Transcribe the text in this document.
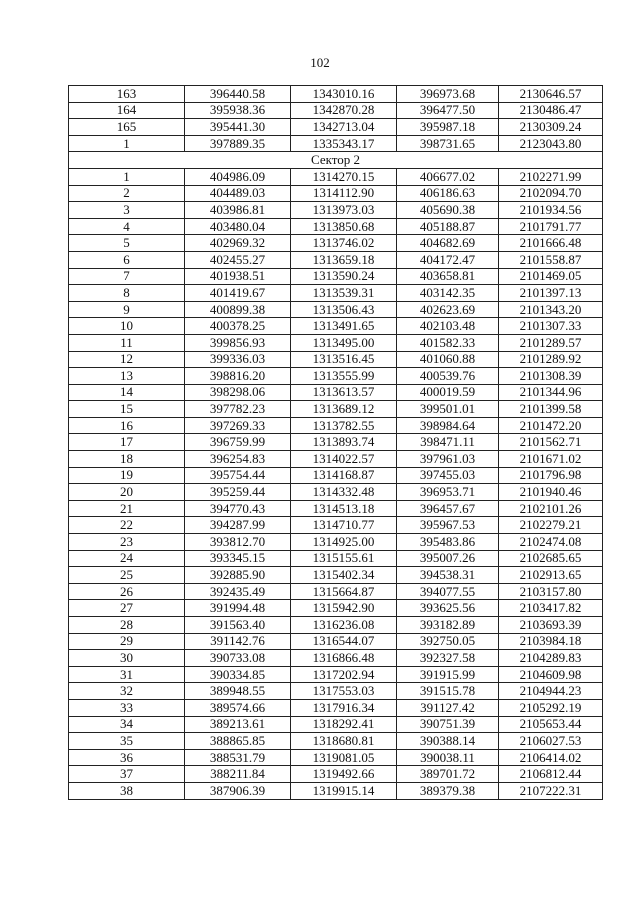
102
163	396440.58	1343010.16	396973.68	2130646.57
164	395938.36	1342870.28	396477.50	2130486.47
165	395441.30	1342713.04	395987.18	2130309.24
1	397889.35	1335343.17	398731.65	2123043.80
Сектор 2				
1	404986.09	1314270.15	406677.02	2102271.99
2	404489.03	1314112.90	406186.63	2102094.70
3	403986.81	1313973.03	405690.38	2101934.56
4	403480.04	1313850.68	405188.87	2101791.77
5	402969.32	1313746.02	404682.69	2101666.48
6	402455.27	1313659.18	404172.47	2101558.87
7	401938.51	1313590.24	403658.81	2101469.05
8	401419.67	1313539.31	403142.35	2101397.13
9	400899.38	1313506.43	402623.69	2101343.20
10	400378.25	1313491.65	402103.48	2101307.33
11	399856.93	1313495.00	401582.33	2101289.57
12	399336.03	1313516.45	401060.88	2101289.92
13	398816.20	1313555.99	400539.76	2101308.39
14	398298.06	1313613.57	400019.59	2101344.96
15	397782.23	1313689.12	399501.01	2101399.58
16	397269.33	1313782.55	398984.64	2101472.20
17	396759.99	1313893.74	398471.11	2101562.71
18	396254.83	1314022.57	397961.03	2101671.02
19	395754.44	1314168.87	397455.03	2101796.98
20	395259.44	1314332.48	396953.71	2101940.46
21	394770.43	1314513.18	396457.67	2102101.26
22	394287.99	1314710.77	395967.53	2102279.21
23	393812.70	1314925.00	395483.86	2102474.08
24	393345.15	1315155.61	395007.26	2102685.65
25	392885.90	1315402.34	394538.31	2102913.65
26	392435.49	1315664.87	394077.55	2103157.80
27	391994.48	1315942.90	393625.56	2103417.82
28	391563.40	1316236.08	393182.89	2103693.39
29	391142.76	1316544.07	392750.05	2103984.18
30	390733.08	1316866.48	392327.58	2104289.83
31	390334.85	1317202.94	391915.99	2104609.98
32	389948.55	1317553.03	391515.78	2104944.23
33	389574.66	1317916.34	391127.42	2105292.19
34	389213.61	1318292.41	390751.39	2105653.44
35	388865.85	1318680.81	390388.14	2106027.53
36	388531.79	1319081.05	390038.11	2106414.02
37	388211.84	1319492.66	389701.72	2106812.44
38	387906.39	1319915.14	389379.38	2107222.31
